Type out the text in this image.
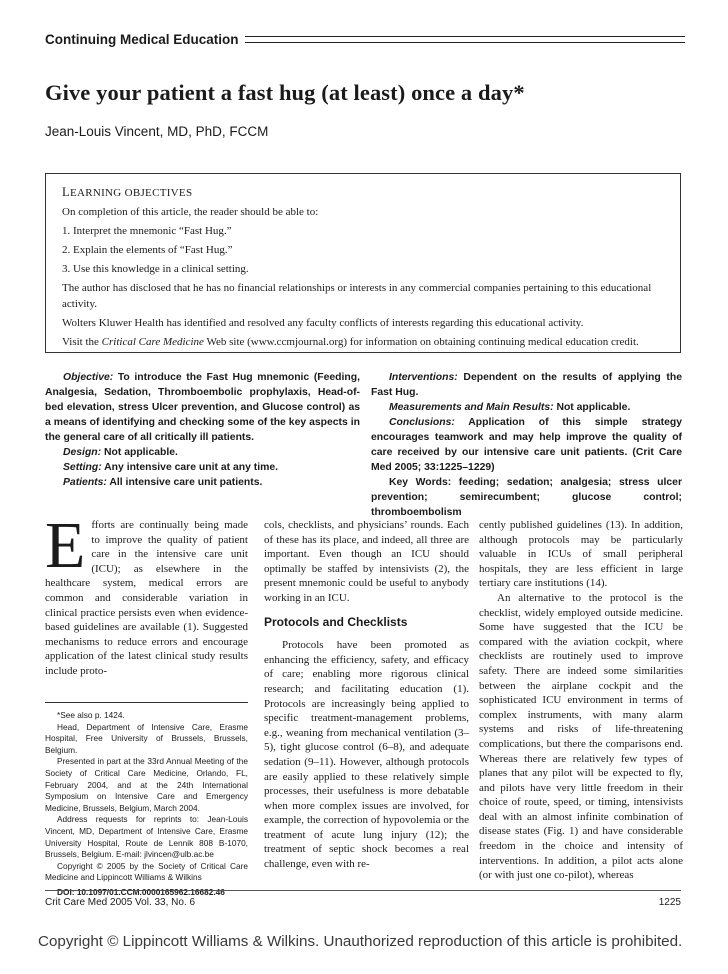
Continuing Medical Education
Give your patient a fast hug (at least) once a day*
Jean-Louis Vincent, MD, PhD, FCCM

LEARNING OBJECTIVES

On completion of this article, the reader should be able to:

1. Interpret the mnemonic “Fast Hug.”

2. Explain the elements of “Fast Hug.”

3. Use this knowledge in a clinical setting.

The author has disclosed that he has no financial relationships or interests in any commercial companies pertaining to this educational activity.

Wolters Kluwer Health has identified and resolved any faculty conflicts of interests regarding this educational activity.

Visit the Critical Care Medicine Web site (www.ccmjournal.org) for information on obtaining continuing medical education credit.

Objective: To introduce the Fast Hug mnemonic (Feeding, Analgesia, Sedation, Thromboembolic prophylaxis, Head-of-bed elevation, stress Ulcer prevention, and Glucose control) as a means of identifying and checking some of the key aspects in the general care of all critically ill patients.

Design: Not applicable.

Setting: Any intensive care unit at any time.

Patients: All intensive care unit patients.

Interventions: Dependent on the results of applying the Fast Hug.

Measurements and Main Results: Not applicable.

Conclusions: Application of this simple strategy encourages teamwork and may help improve the quality of care received by our intensive care unit patients. (Crit Care Med 2005; 33:1225–1229)

Key Words: feeding; sedation; analgesia; stress ulcer prevention; semirecumbent; glucose control; thromboembolism

Efforts are continually being made to improve the quality of patient care in the intensive care unit (ICU); as elsewhere in the healthcare system, medical errors are common and considerable variation in clinical practice persists even when evidence-based guidelines are available (1). Suggested mechanisms to reduce errors and encourage application of the latest clinical study results include proto-

cols, checklists, and physicians’ rounds. Each of these has its place, and indeed, all three are important. Even though an ICU should optimally be staffed by intensivists (2), the present mnemonic could be useful to anybody working in an ICU.

Protocols and Checklists

Protocols have been promoted as enhancing the efficiency, safety, and efficacy of care; enabling more rigorous clinical research; and facilitating education (1). Protocols are increasingly being applied to specific treatment-management problems, e.g., weaning from mechanical ventilation (3–5), tight glucose control (6–8), and adequate sedation (9–11). However, although protocols are easily applied to these relatively simple processes, their usefulness is more debatable when more complex issues are involved, for example, the correction of hypovolemia or the treatment of acute lung injury (12); the treatment of septic shock becomes a real challenge, even with re-

cently published guidelines (13). In addition, although protocols may be particularly valuable in ICUs of small peripheral hospitals, they are less efficient in large tertiary care institutions (14).

An alternative to the protocol is the checklist, widely employed outside medicine. Some have suggested that the ICU be compared with the aviation cockpit, where checklists are routinely used to improve safety. There are indeed some similarities between the airplane cockpit and the sophisticated ICU environment in terms of complex instruments, with many alarm systems and risks of life-threatening complications, but there the comparisons end. Whereas there are relatively few types of planes that any pilot will be expected to fly, and pilots have very little freedom in their choice of route, speed, or timing, intensivists deal with an almost infinite combination of disease states (Fig. 1) and have considerable freedom in the choice and intensity of interventions. In addition, a pilot acts alone (or with just one co-pilot), whereas

*See also p. 1424.

Head, Department of Intensive Care, Erasme Hospital, Free University of Brussels, Brussels, Belgium.

Presented in part at the 33rd Annual Meeting of the Society of Critical Care Medicine, Orlando, FL, February 2004, and at the 24th International Symposium on Intensive Care and Emergency Medicine, Brussels, Belgium, March 2004.

Address requests for reprints to: Jean-Louis Vincent, MD, Department of Intensive Care, Erasme University Hospital, Route de Lennik 808 B-1070, Brussels, Belgium. E-mail: jlvincen@ulb.ac.be

Copyright © 2005 by the Society of Critical Care Medicine and Lippincott Williams & Wilkins

DOI: 10.1097/01.CCM.0000165962.16682.46

Crit Care Med 2005 Vol. 33, No. 6	1225
Copyright © Lippincott Williams & Wilkins. Unauthorized reproduction of this article is prohibited.
